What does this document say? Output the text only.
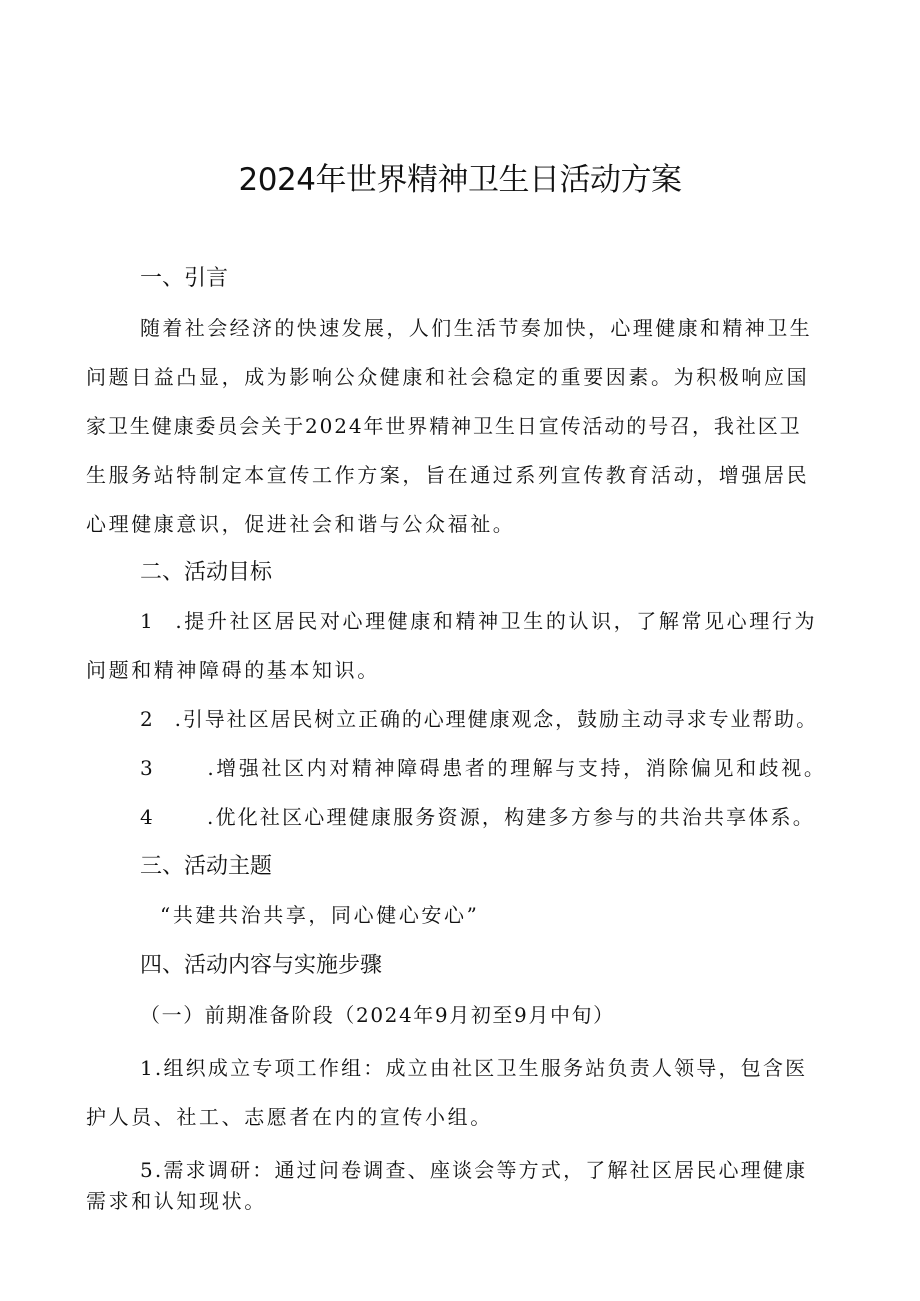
2024年世界精神卫生日活动方案
一、引言
随着社会经济的快速发展，人们生活节奏加快，心理健康和精神卫生
问题日益凸显，成为影响公众健康和社会稳定的重要因素。为积极响应国
家卫生健康委员会关于2024年世界精神卫生日宣传活动的号召，我社区卫
生服务站特制定本宣传工作方案，旨在通过系列宣传教育活动，增强居民
心理健康意识，促进社会和谐与公众福祉。
二、活动目标
1 .提升社区居民对心理健康和精神卫生的认识，了解常见心理行为
问题和精神障碍的基本知识。
2 .引导社区居民树立正确的心理健康观念，鼓励主动寻求专业帮助。
3	.增强社区内对精神障碍患者的理解与支持，消除偏见和歧视。
4	.优化社区心理健康服务资源，构建多方参与的共治共享体系。
三、活动主题
“共建共治共享，同心健心安心”
四、活动内容与实施步骤
（一）前期准备阶段（2024年9月初至9月中旬）
1.组织成立专项工作组：成立由社区卫生服务站负责人领导，包含医
护人员、社工、志愿者在内的宣传小组。
5.需求调研：通过问卷调查、座谈会等方式，了解社区居民心理健康
需求和认知现状。
